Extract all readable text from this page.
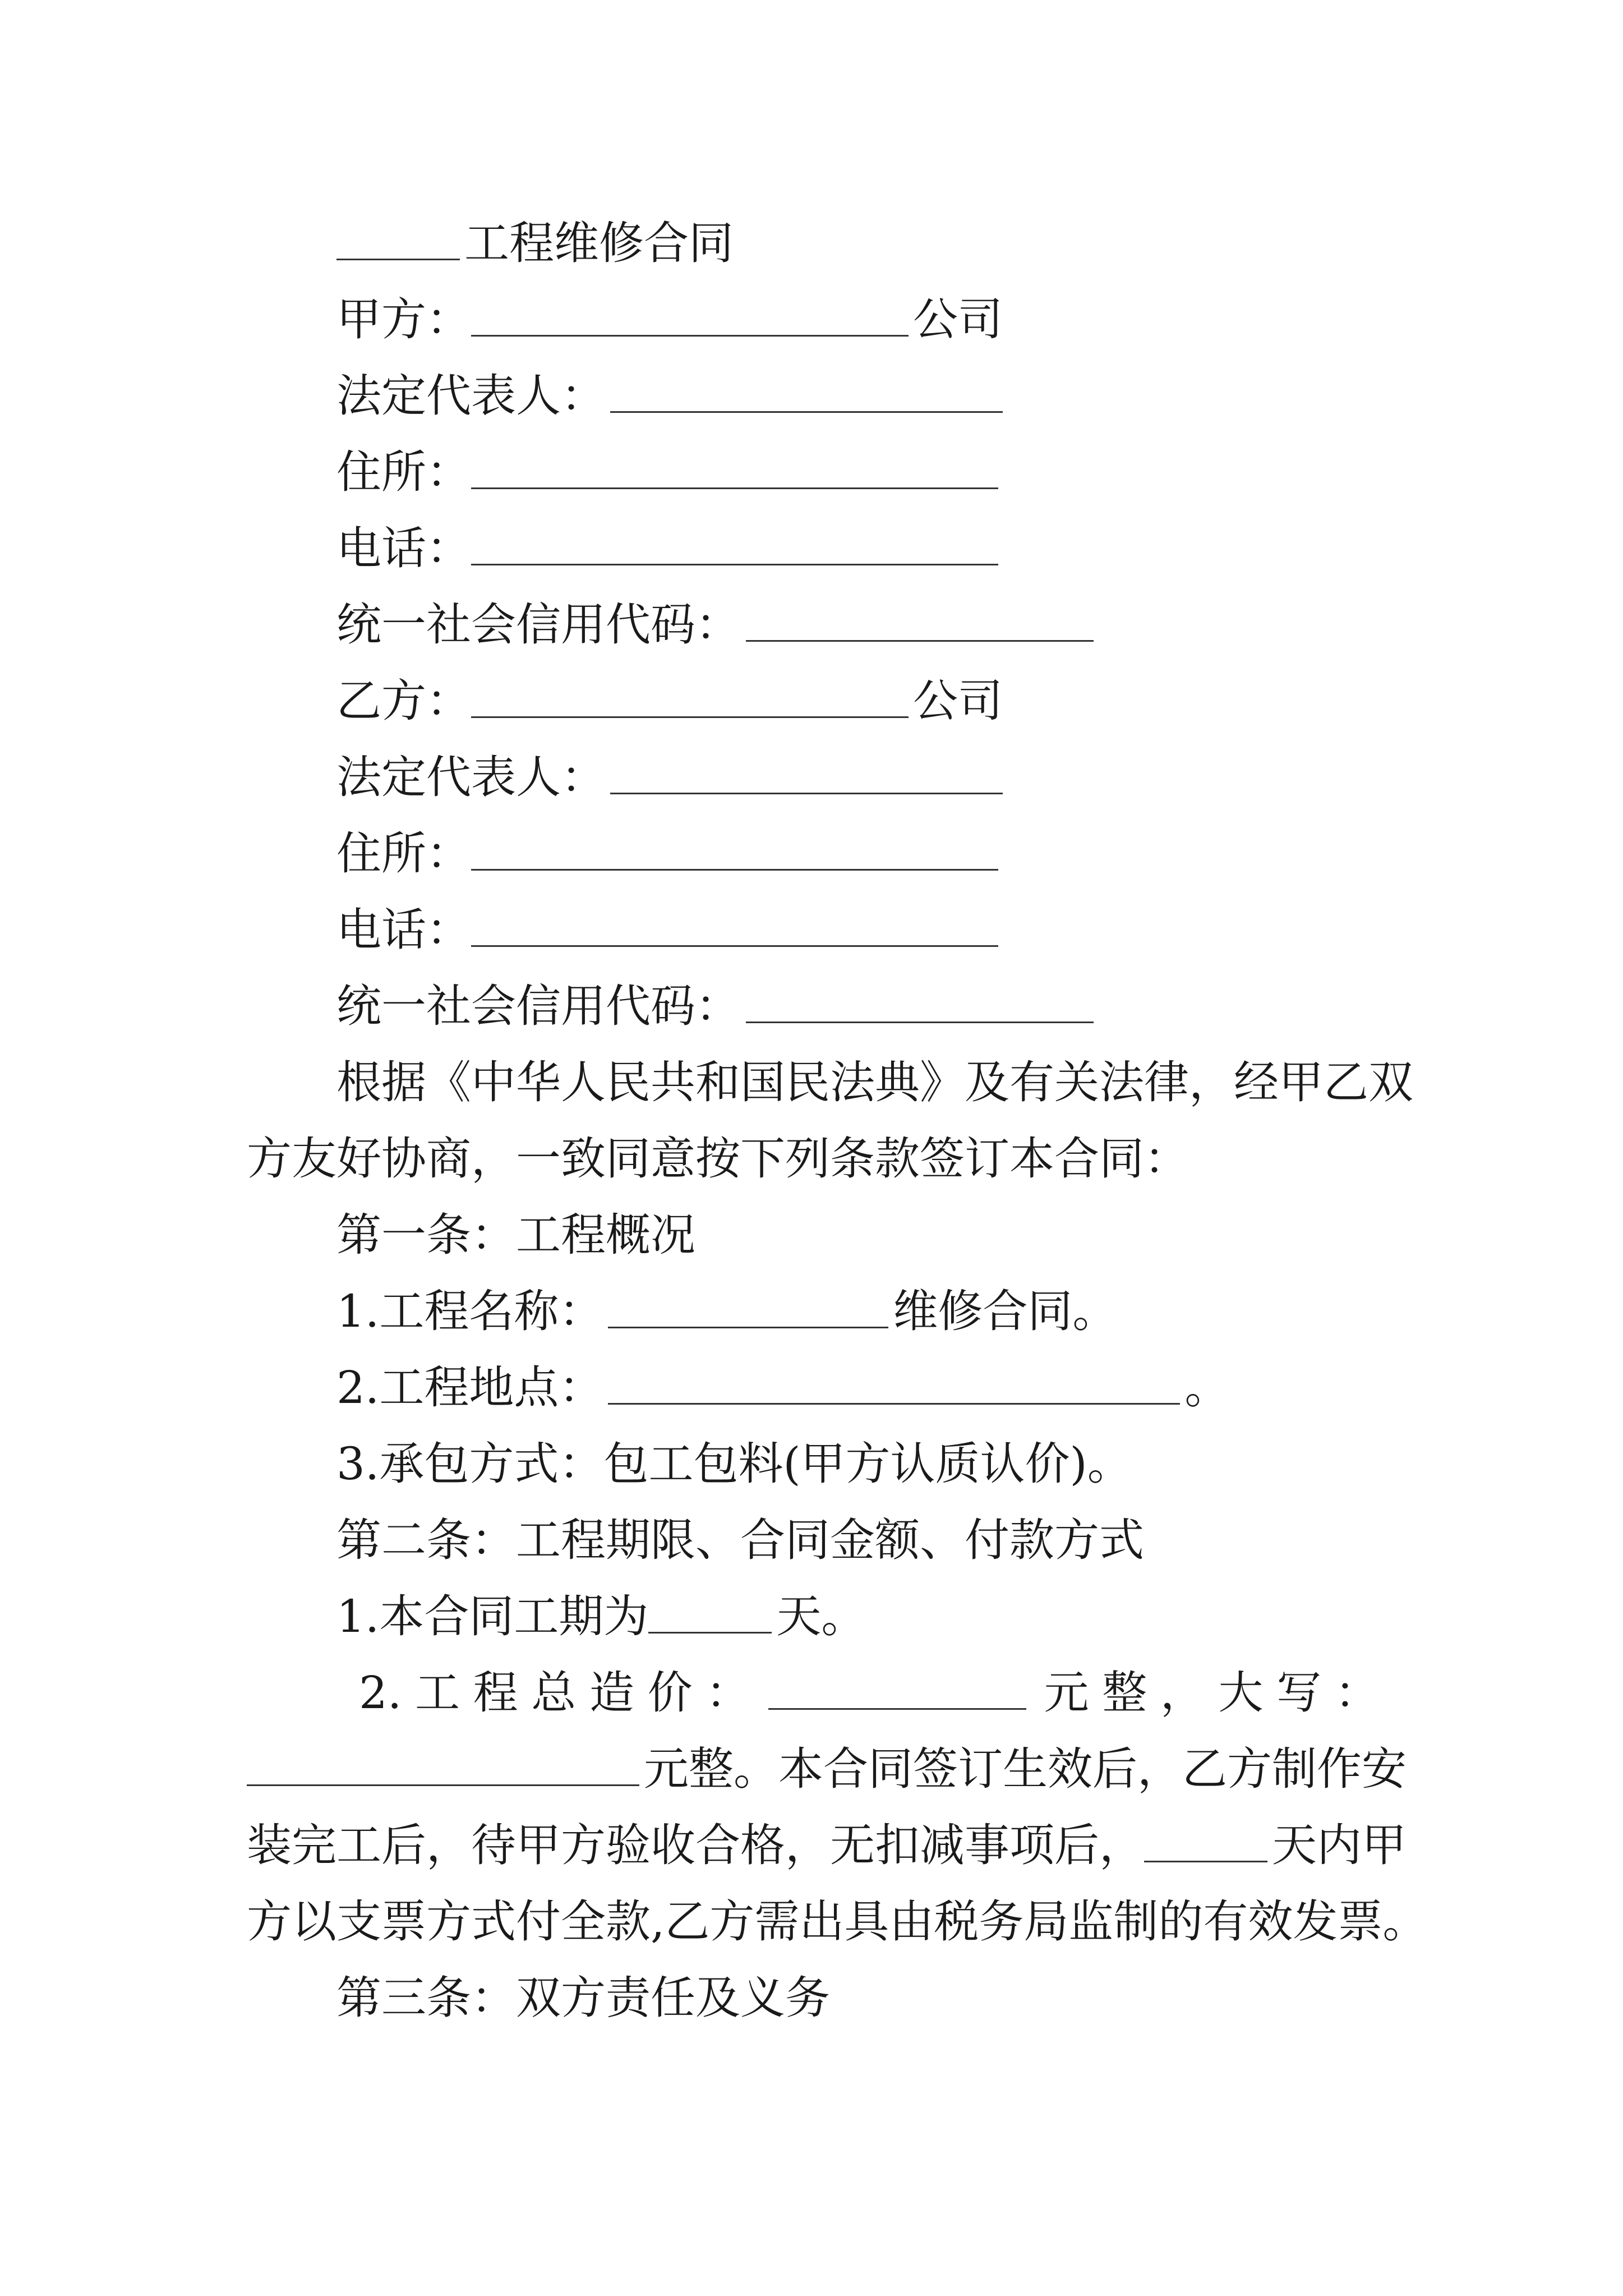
工程维修合同
甲方：	公司
法定代表人：
住所：
电话：
统一社会信用代码：
乙方：	公司
法定代表人：
住所：
电话：
统一社会信用代码：
根据《中华人民共和国民法典》及有关法律，经甲乙双
方友好协商，一致同意按下列条款签订本合同：
第一条：工程概况
1.工程名称：	维修合同。
2.工程地点：	。
3.承包方式：包工包料(甲方认质认价)。
第二条：工程期限、合同金额、付款方式
1.本合同工期为	天。
2. 工 程 总 造 价 ：	元 整 ， 大 写 ：
元整。本合同签订生效后，乙方制作安
装完工后，待甲方验收合格，无扣减事项后，	天内甲
方以支票方式付全款,乙方需出具由税务局监制的有效发票。
第三条：双方责任及义务
